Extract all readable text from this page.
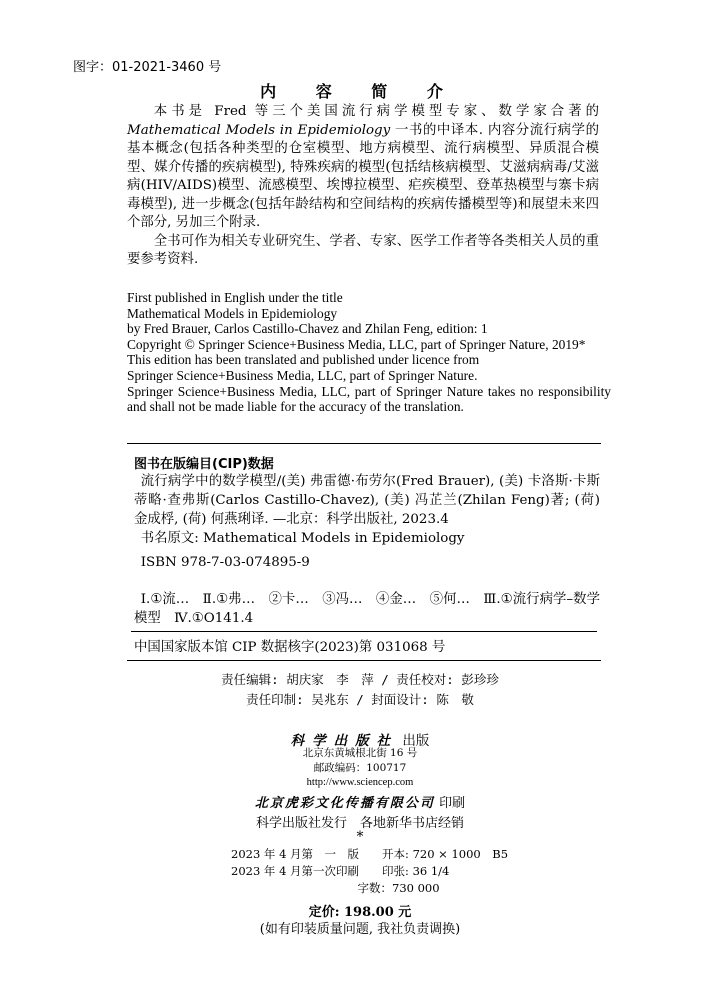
图字：01-2021-3460 号
内 容 简 介

本书是 Fred 等三个美国流行病学模型专家、数学家合著的 Mathematical Models in Epidemiology 一书的中译本. 内容分流行病学的基本概念(包括各种类型的仓室模型、地方病模型、流行病模型、异质混合模型、媒介传播的疾病模型), 特殊疾病的模型(包括结核病模型、艾滋病病毒/艾滋病(HIV/AIDS)模型、流感模型、埃博拉模型、疟疾模型、登革热模型与寨卡病毒模型), 进一步概念(包括年龄结构和空间结构的疾病传播模型等)和展望未来四个部分, 另加三个附录.

全书可作为相关专业研究生、学者、专家、医学工作者等各类相关人员的重要参考资料.

First published in English under the title
Mathematical Models in Epidemiology
by Fred Brauer, Carlos Castillo-Chavez and Zhilan Feng, edition: 1
Copyright © Springer Science+Business Media, LLC, part of Springer Nature, 2019*
This edition has been translated and published under licence from
Springer Science+Business Media, LLC, part of Springer Nature.
Springer Science+Business Media, LLC, part of Springer Nature takes no responsibility and shall not be made liable for the accuracy of the translation.
图书在版编目(CIP)数据

流行病学中的数学模型/(美) 弗雷德·布劳尔(Fred Brauer), (美) 卡洛斯·卡斯蒂略·查弗斯(Carlos Castillo-Chavez), (美) 冯芷兰(Zhilan Feng)著; (荷) 金成桴, (荷) 何燕琍译. —北京：科学出版社, 2023.4

书名原文: Mathematical Models in Epidemiology

ISBN 978-7-03-074895-9

Ⅰ.①流…　Ⅱ.①弗…　②卡…　③冯…　④金…　⑤何…　Ⅲ.①流行病学–数学模型　Ⅳ.①O141.4

中国国家版本馆 CIP 数据核字(2023)第 031068 号

责任编辑: 胡庆家　李　萍 / 责任校对: 彭珍珍
责任印制: 吴兆东 / 封面设计: 陈　敬
科学出版社 出版
北京东黄城根北街 16 号
邮政编码：100717
http://www.sciencep.com
北京虎彩文化传播有限公司 印刷
科学出版社发行　各地新华书店经销
*
2023 年 4 月第　一　版　　开本: 720 × 1000　B5
2023 年 4 月第一次印刷　　印张: 36 1/4
　　　　　　　　　　　字数：730 000
定价: 198.00 元
(如有印装质量问题, 我社负责调换)
